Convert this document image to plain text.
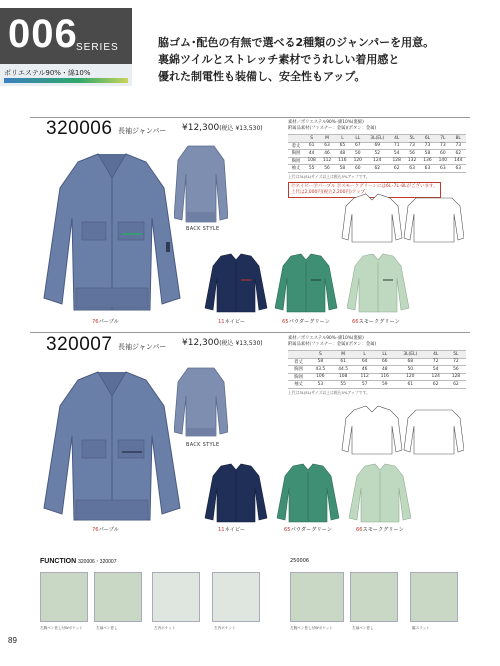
006
SERIES
ポリエステル90%・綿10%
脇ゴム･配色の有無で選べる2種類のジャンパーを用意。
裏綿ツイルとストレッチ素材でうれしい着用感と
優れた制電性も装備し、安全性もアップ。
320006 長袖ジャンパー ¥12,300(税込 ¥13,530)
素材／ポリエステル90%･綿10%(裏綿)
附属品素材(ファスナー：金属)(ボタン：金属)
	S	M	L	LL	3L(EL)	4L	5L	6L	7L	8L
着丈	61	63	65	67	69	71	73	73	73	73
胸囲	44	46	48	50	52	54	56	58	60	62
胸囲	108	112	116	120	124	128	132	136	140	144
袖丈	55	56	58	60	62	62	63	63	63	63
上代は3L(EL)サイズ以上は税込5%アップです。
ⓅネイビーⓅパープル Ⓟスモークグリーンには6L･7L･8Lがございます。
上代は2,000円(税込2,200円)アップ。
BACK STYLE
76パープル	11ネイビー	65パウダーグリーン	66スモークグリーン
320007 長袖ジャンパー ¥12,300(税込 ¥13,530)
素材／ポリエステル90%･綿10%(裏綿)
附属品素材(ファスナー：金属)(ボタン：金属)
	S	M	L	LL	3L(EL)	4L	5L
着丈	58	61	64	66	68	72	72
胸囲	43.5	44.5	46	48	50	54	56
胸囲	106	108	112	116	120	124	128
袖丈	53	55	57	59	61	62	62
上代は3L(EL)サイズ以上は税込5%アップです。
BACK STYLE
76パープル	11ネイビー	65パウダーグリーン	66スモークグリーン
FUNCTION 320006・320007	250006
左胸ペン差し付Wポケット	左袖ペン差し	左内ポケット	左内ポケット	左胸ペン差し付Wポケット	左袖ペン差し	脇スリット
89
